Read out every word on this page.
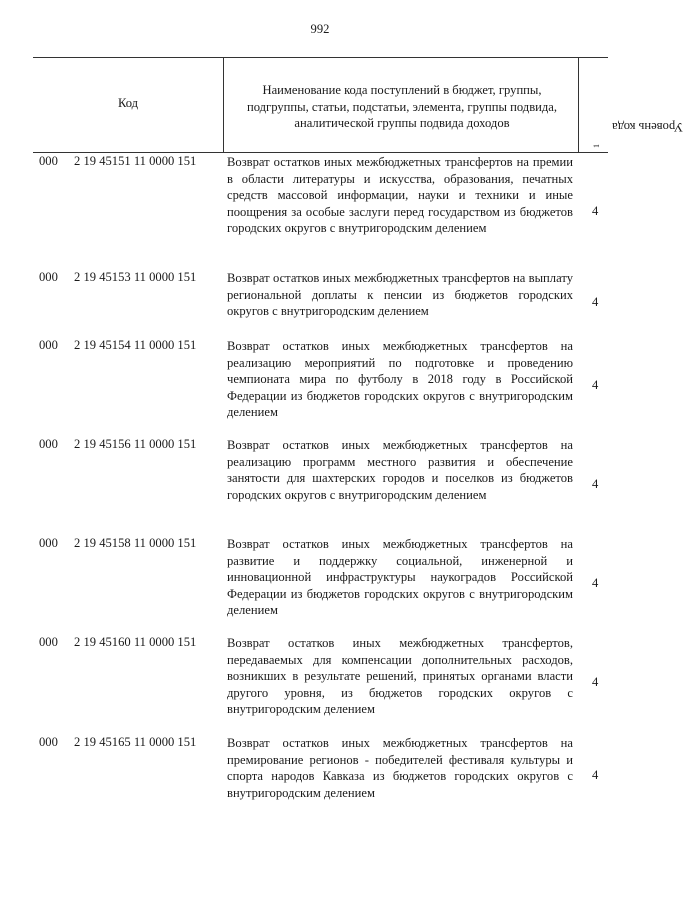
992
Код
Наименование кода поступлений в бюджет, группы, подгруппы, статьи, подстатьи, элемента, группы подвида, аналитической группы подвида доходов	Уровень кода
$^1$
000 2 19 45151 11 0000 151 Возврат остатков иных межбюджетных трансфертов на премии в области литературы и искусства, образования, печатных средств массовой информации, науки и техники и иные поощрения за особые заслуги перед государством из бюджетов городских округов с внутригородским делением
4
000 2 19 45153 11 0000 151 Возврат остатков иных межбюджетных трансфертов на выплату региональной доплаты к пенсии из бюджетов городских округов с внутригородским делением
4
000 2 19 45154 11 0000 151 Возврат остатков иных межбюджетных трансфертов на реализацию мероприятий по подготовке и проведению чемпионата мира по футболу в 2018 году в Российской Федерации из бюджетов городских округов с внутригородским делением
4
000 2 19 45156 11 0000 151 Возврат остатков иных межбюджетных трансфертов на реализацию программ местного развития и обеспечение занятости для шахтерских городов и поселков из бюджетов городских округов с внутригородским делением
4
000 2 19 45158 11 0000 151 Возврат остатков иных межбюджетных трансфертов на развитие и поддержку социальной, инженерной и инновационной инфраструктуры наукоградов Российской Федерации из бюджетов городских округов с внутригородским делением
4
000 2 19 45160 11 0000 151 Возврат остатков иных межбюджетных трансфертов, передаваемых для компенсации дополнительных расходов, возникших в результате решений, принятых органами власти другого уровня, из бюджетов городских округов с внутригородским делением
4
000 2 19 45165 11 0000 151 Возврат остатков иных межбюджетных трансфертов на премирование регионов - победителей фестиваля культуры и спорта народов Кавказа из бюджетов городских округов с внутригородским делением
4
